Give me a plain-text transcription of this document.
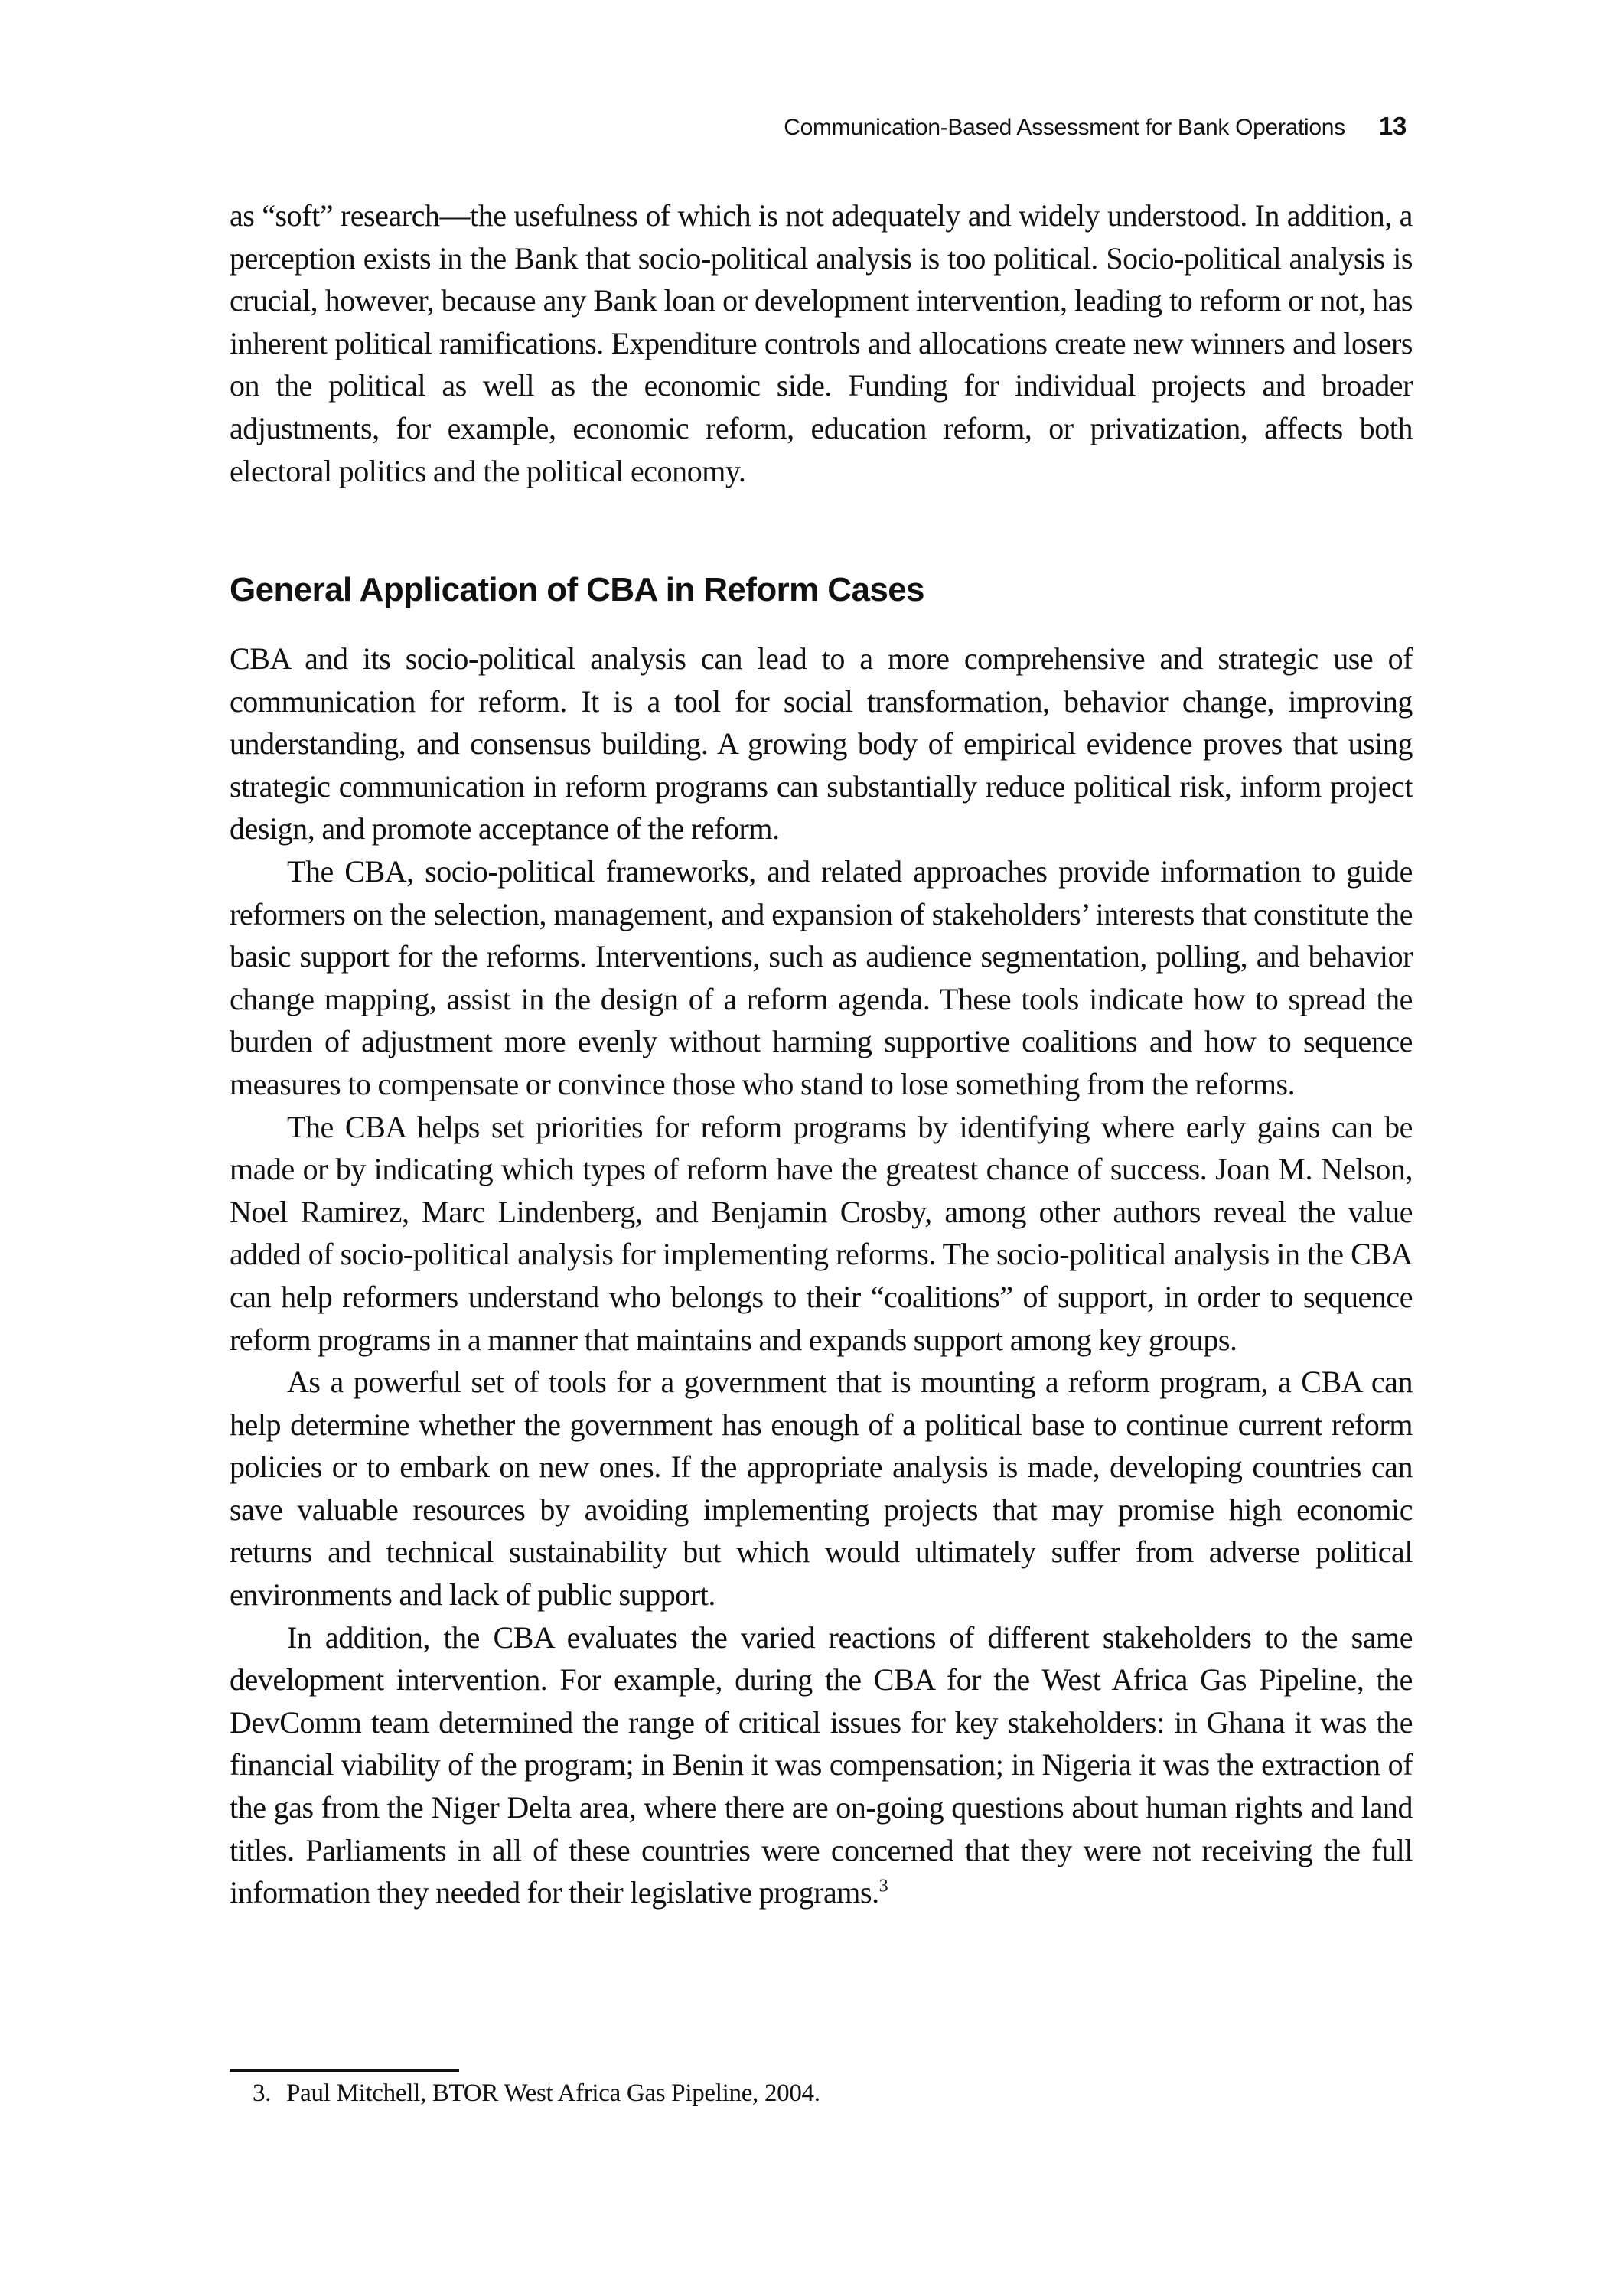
Communication-Based Assessment for Bank Operations 13

as “soft” research—the usefulness of which is not adequately and widely understood. In addition, a perception exists in the Bank that socio-political analysis is too political. Socio-political analysis is crucial, however, because any Bank loan or development intervention, leading to reform or not, has inherent political ramifications. Expenditure controls and allocations create new winners and losers on the political as well as the economic side. Funding for individual projects and broader adjustments, for example, economic reform, education reform, or privatization, affects both electoral politics and the political economy.

General Application of CBA in Reform Cases

CBA and its socio-political analysis can lead to a more comprehensive and strategic use of communication for reform. It is a tool for social transformation, behavior change, improving understanding, and consensus building. A growing body of empirical evidence proves that using strategic communication in reform programs can substantially reduce political risk, inform project design, and promote acceptance of the reform.

The CBA, socio-political frameworks, and related approaches provide information to guide reformers on the selection, management, and expansion of stakeholders’ interests that constitute the basic support for the reforms. Interventions, such as audience segmentation, polling, and behavior change mapping, assist in the design of a reform agenda. These tools indicate how to spread the burden of adjustment more evenly without harming supportive coalitions and how to sequence measures to compensate or convince those who stand to lose something from the reforms.

The CBA helps set priorities for reform programs by identifying where early gains can be made or by indicating which types of reform have the greatest chance of success. Joan M. Nelson, Noel Ramirez, Marc Lindenberg, and Benjamin Crosby, among other authors reveal the value added of socio-political analysis for implementing reforms. The socio-political analysis in the CBA can help reformers understand who belongs to their “coalitions” of support, in order to sequence reform programs in a manner that maintains and expands support among key groups.

As a powerful set of tools for a government that is mounting a reform program, a CBA can help determine whether the government has enough of a political base to continue current reform policies or to embark on new ones. If the appropriate analysis is made, developing countries can save valuable resources by avoiding implementing projects that may promise high economic returns and technical sustainability but which would ultimately suffer from adverse political environments and lack of public support.

In addition, the CBA evaluates the varied reactions of different stakeholders to the same development intervention. For example, during the CBA for the West Africa Gas Pipeline, the DevComm team determined the range of critical issues for key stakeholders: in Ghana it was the financial viability of the program; in Benin it was compensation; in Nigeria it was the extraction of the gas from the Niger Delta area, where there are on-going questions about human rights and land titles. Parliaments in all of these countries were concerned that they were not receiving the full information they needed for their legislative programs.$^3$

3. Paul Mitchell, BTOR West Africa Gas Pipeline, 2004.
